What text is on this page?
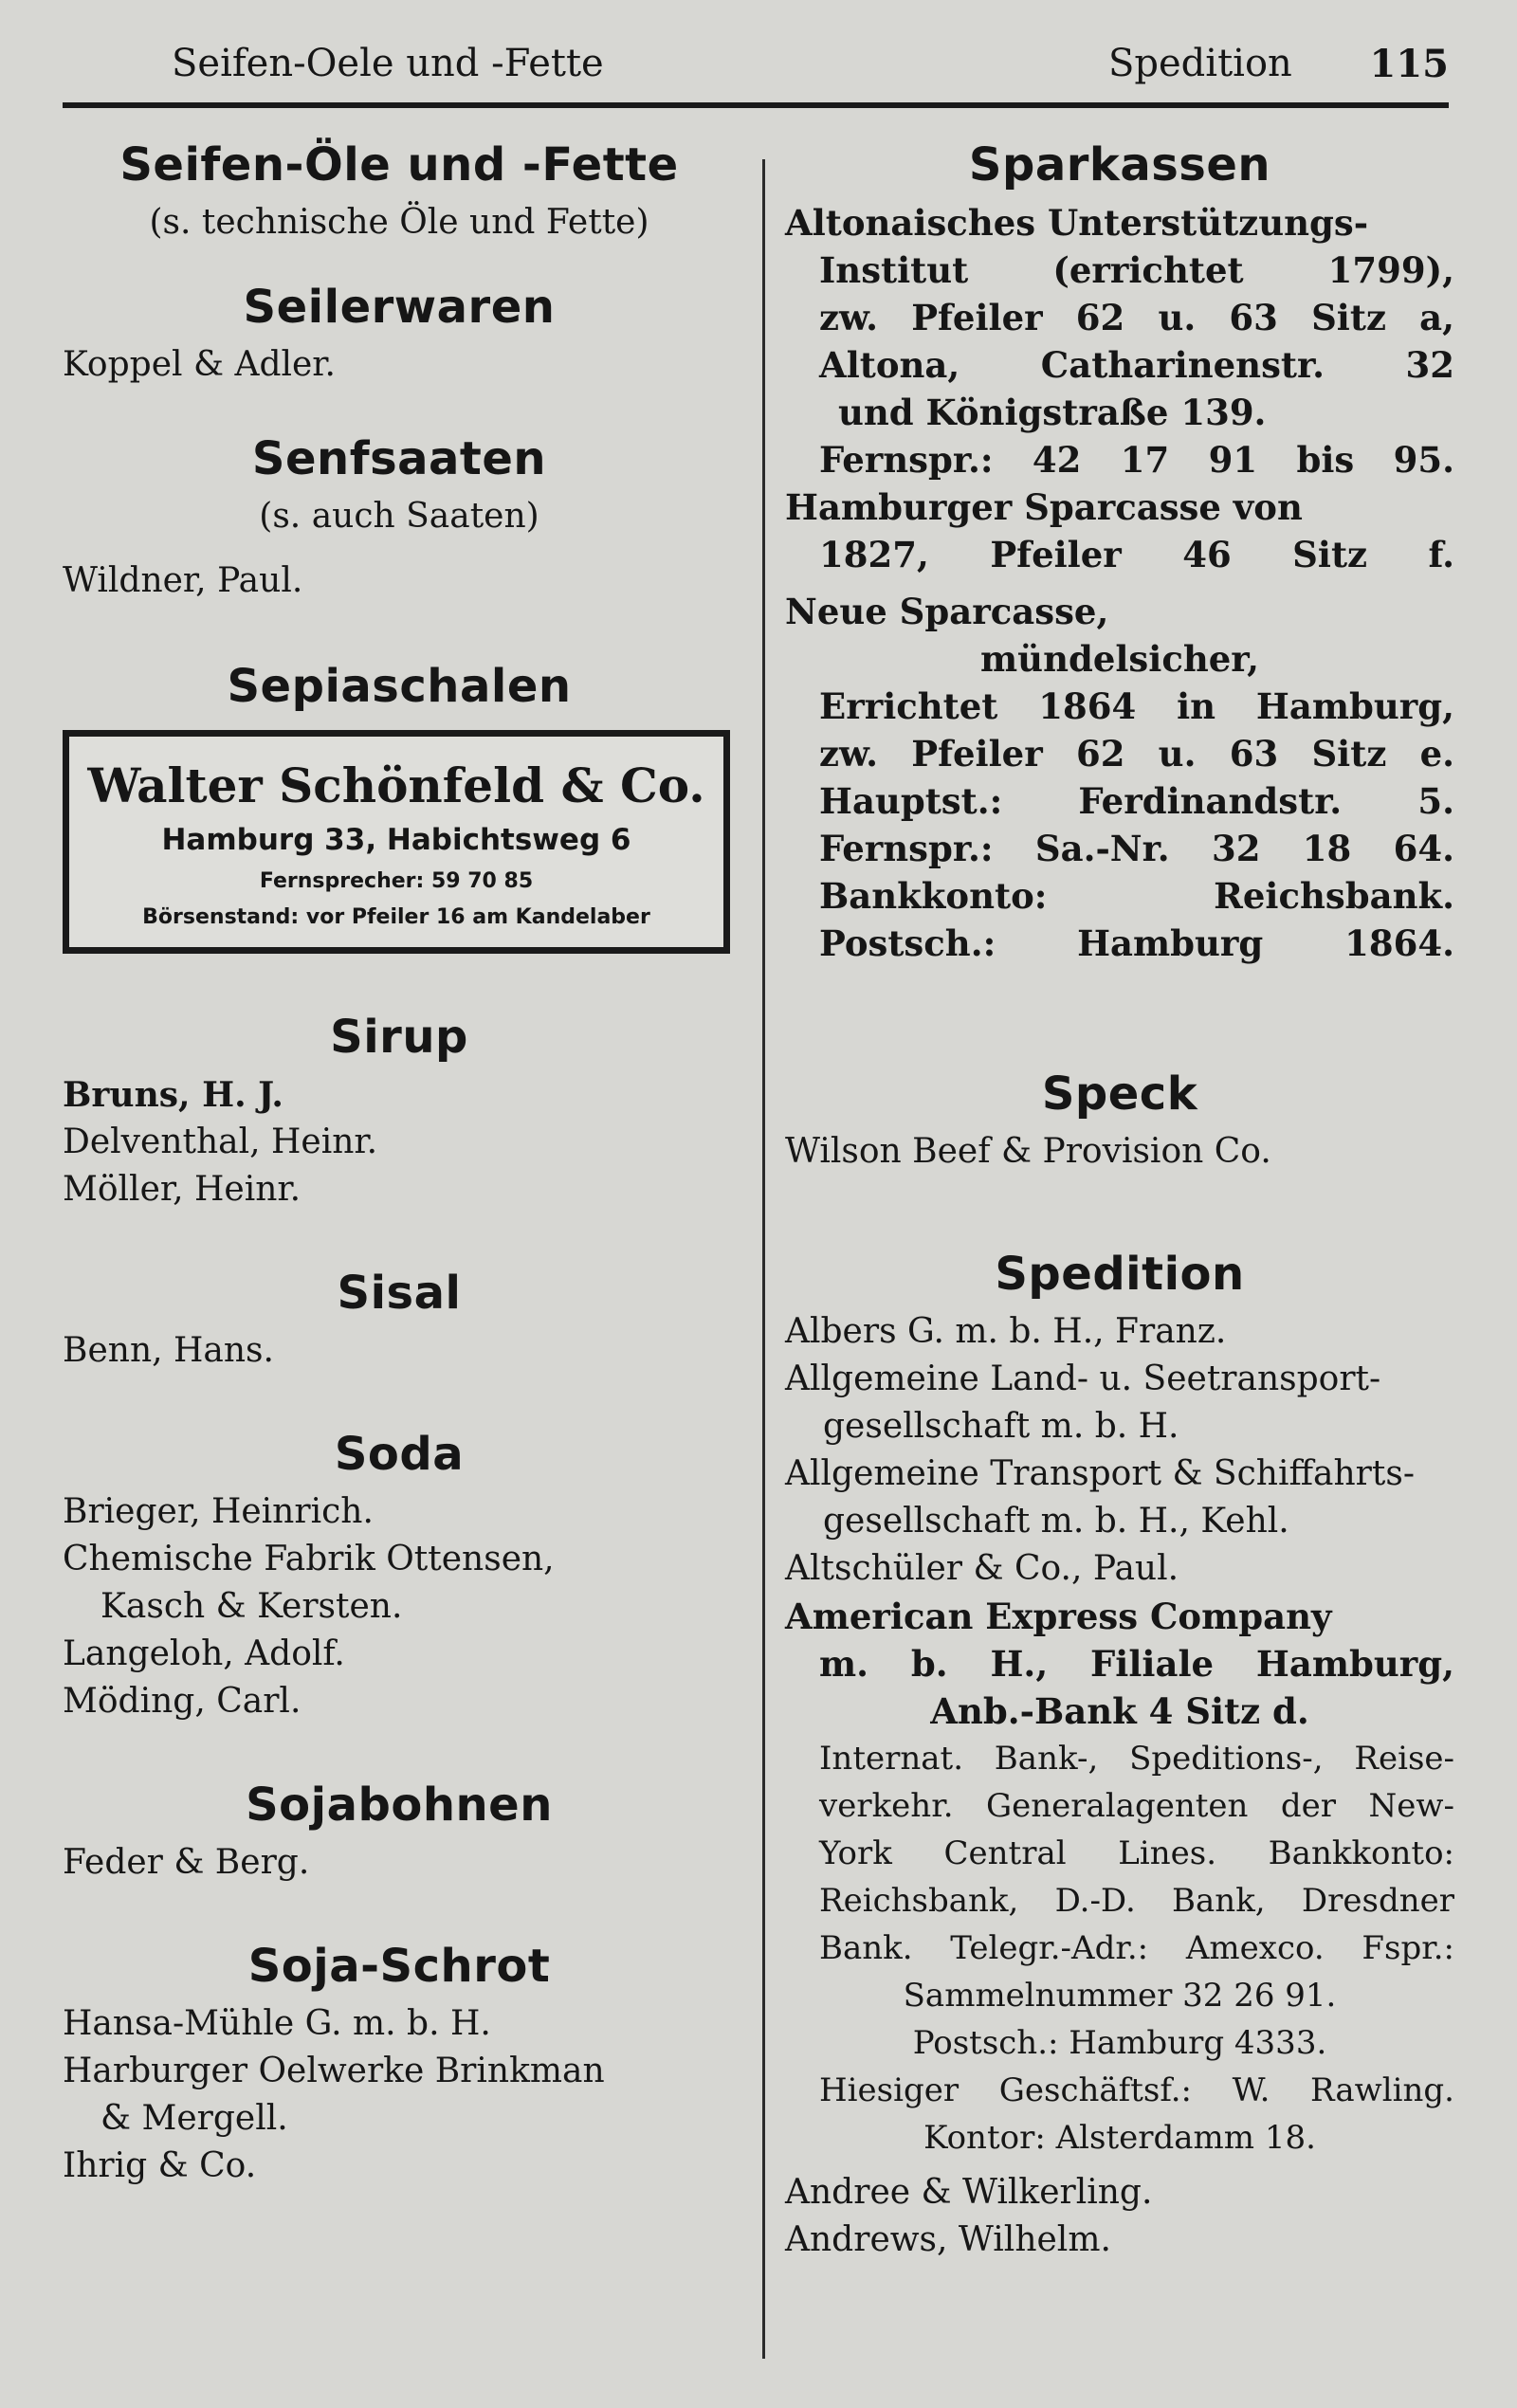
Seifen-Oele und -Fette	Spedition 115
Seifen-Öle und -Fette
(s. technische Öle und Fette)
Seilerwaren
Koppel & Adler.
Senfsaaten
(s. auch Saaten)
Wildner, Paul.
Sepiaschalen
Walter Schönfeld & Co.
Hamburg 33, Habichtsweg 6
Fernsprecher: 59 70 85
Börsenstand: vor Pfeiler 16 am Kandelaber
Sirup
Bruns, H. J.
Delventhal, Heinr.
Möller, Heinr.
Sisal
Benn, Hans.
Soda
Brieger, Heinrich.
Chemische Fabrik Ottensen,
Kasch & Kersten.
Langeloh, Adolf.
Möding, Carl.
Sojabohnen
Feder & Berg.
Soja-Schrot
Hansa-Mühle G. m. b. H.
Harburger Oelwerke Brinkman
& Mergell.
Ihrig & Co.
Sparkassen
Altonaisches Unterstützungs-
Institut (errichtet 1799),
zw. Pfeiler 62 u. 63 Sitz a,
Altona, Catharinenstr. 32
und Königstraße 139.
Fernspr.: 42 17 91 bis 95.
Hamburger Sparcasse von
1827, Pfeiler 46 Sitz f.
Neue Sparcasse,
mündelsicher,
Errichtet 1864 in Hamburg,
zw. Pfeiler 62 u. 63 Sitz e.
Hauptst.: Ferdinandstr. 5.
Fernspr.: Sa.-Nr. 32 18 64.
Bankkonto: Reichsbank.
Postsch.: Hamburg 1864.
Speck
Wilson Beef & Provision Co.
Spedition
Albers G. m. b. H., Franz.
Allgemeine Land- u. Seetransport-
gesellschaft m. b. H.
Allgemeine Transport & Schiffahrts-
gesellschaft m. b. H., Kehl.
Altschüler & Co., Paul.
American Express Company
m. b. H., Filiale Hamburg,
Anb.-Bank 4 Sitz d.
Internat. Bank-, Speditions-, Reise-
verkehr. Generalagenten der New-
York Central Lines. Bankkonto:
Reichsbank, D.-D. Bank, Dresdner
Bank. Telegr.-Adr.: Amexco. Fspr.:
Sammelnummer 32 26 91.
Postsch.: Hamburg 4333.
Hiesiger Geschäftsf.: W. Rawling.
Kontor: Alsterdamm 18.
Andree & Wilkerling.
Andrews, Wilhelm.
